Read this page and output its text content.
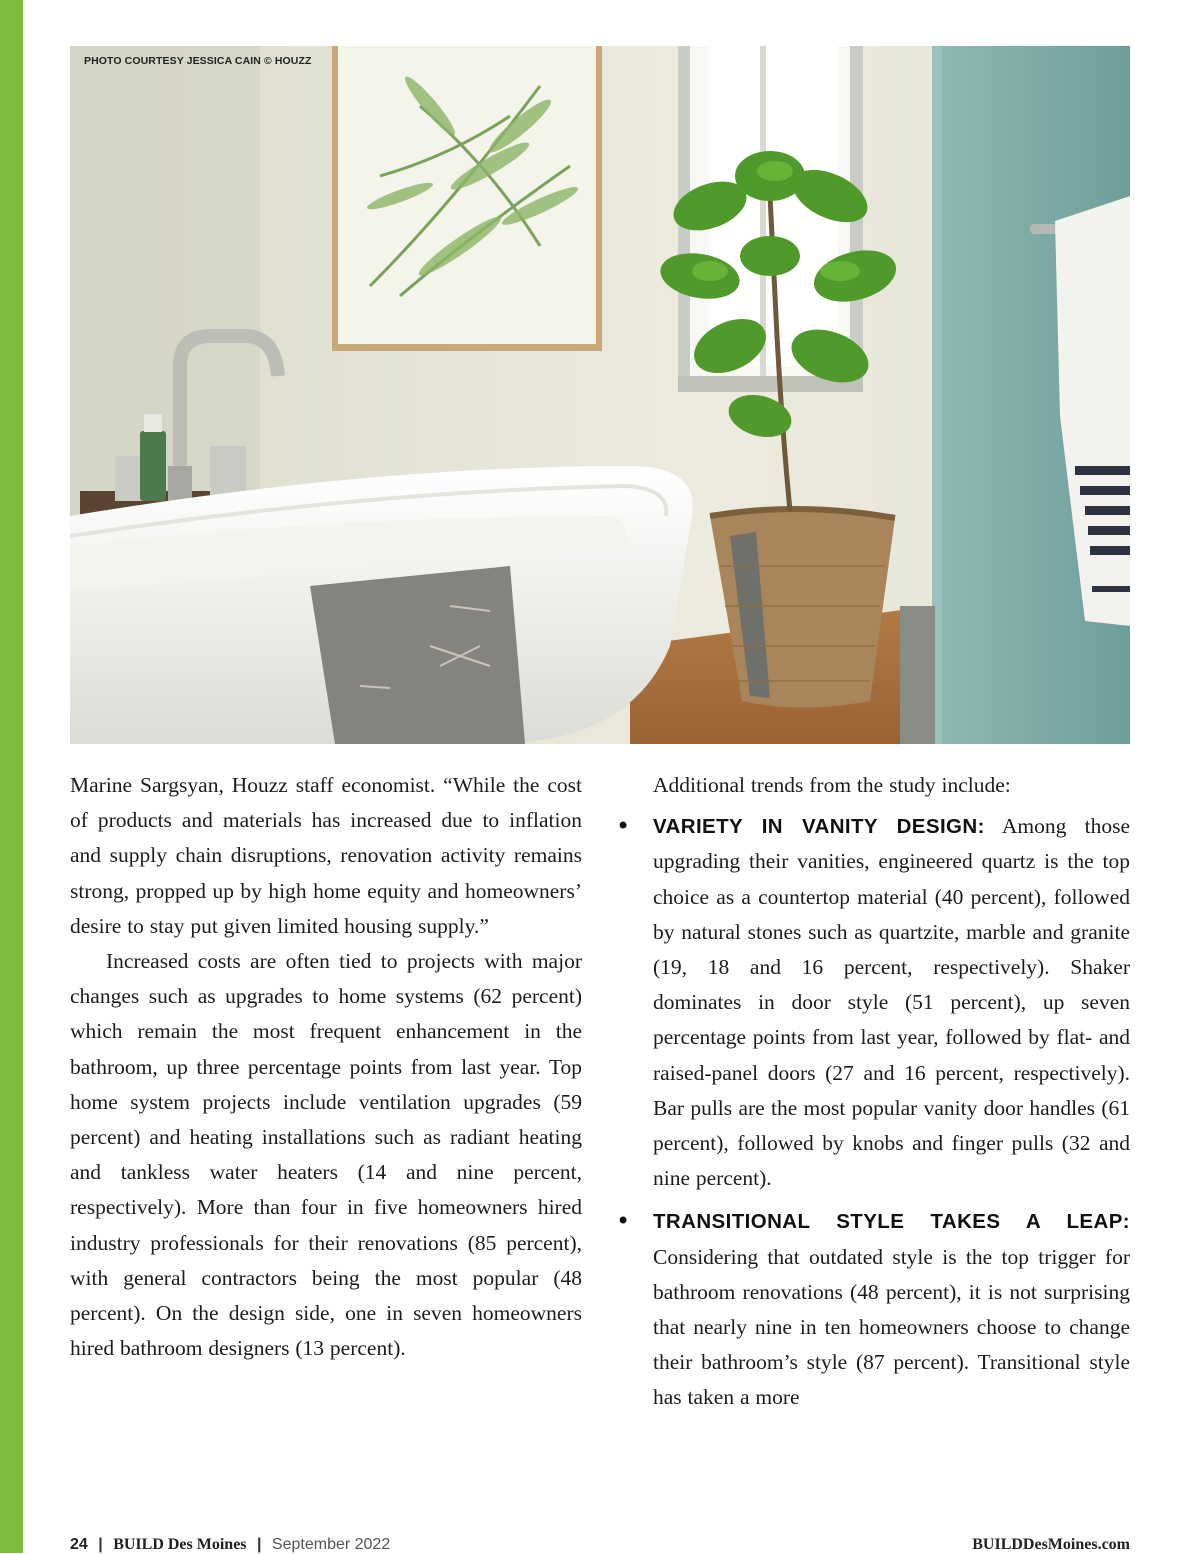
PHOTO COURTESY JESSICA CAIN © HOUZZ

Marine Sargsyan, Houzz staff economist. “While the cost of products and materials has increased due to inflation and supply chain disruptions, renovation activity remains strong, propped up by high home equity and homeowners’ desire to stay put given limited housing supply.”

Increased costs are often tied to projects with major changes such as upgrades to home systems (62 percent) which remain the most frequent enhancement in the bathroom, up three percentage points from last year. Top home system projects include ventilation upgrades (59 percent) and heating installations such as radiant heating and tankless water heaters (14 and nine percent, respectively). More than four in five homeowners hired industry professionals for their renovations (85 percent), with general contractors being the most popular (48 percent). On the design side, one in seven homeowners hired bathroom designers (13 percent).

Additional trends from the study include:

• VARIETY IN VANITY DESIGN: Among those upgrading their vanities, engineered quartz is the top choice as a countertop material (40 percent), followed by natural stones such as quartzite, marble and granite (19, 18 and 16 percent, respectively). Shaker dominates in door style (51 percent), up seven percentage points from last year, followed by flat- and raised-panel doors (27 and 16 percent, respectively). Bar pulls are the most popular vanity door handles (61 percent), followed by knobs and finger pulls (32 and nine percent).
• TRANSITIONAL STYLE TAKES A LEAP: Considering that outdated style is the top trigger for bathroom renovations (48 percent), it is not surprising that nearly nine in ten homeowners choose to change their bathroom’s style (87 percent). Transitional style has taken a more
24 | BUILD Des Moines | September 2022	BUILDDesMoines.com
